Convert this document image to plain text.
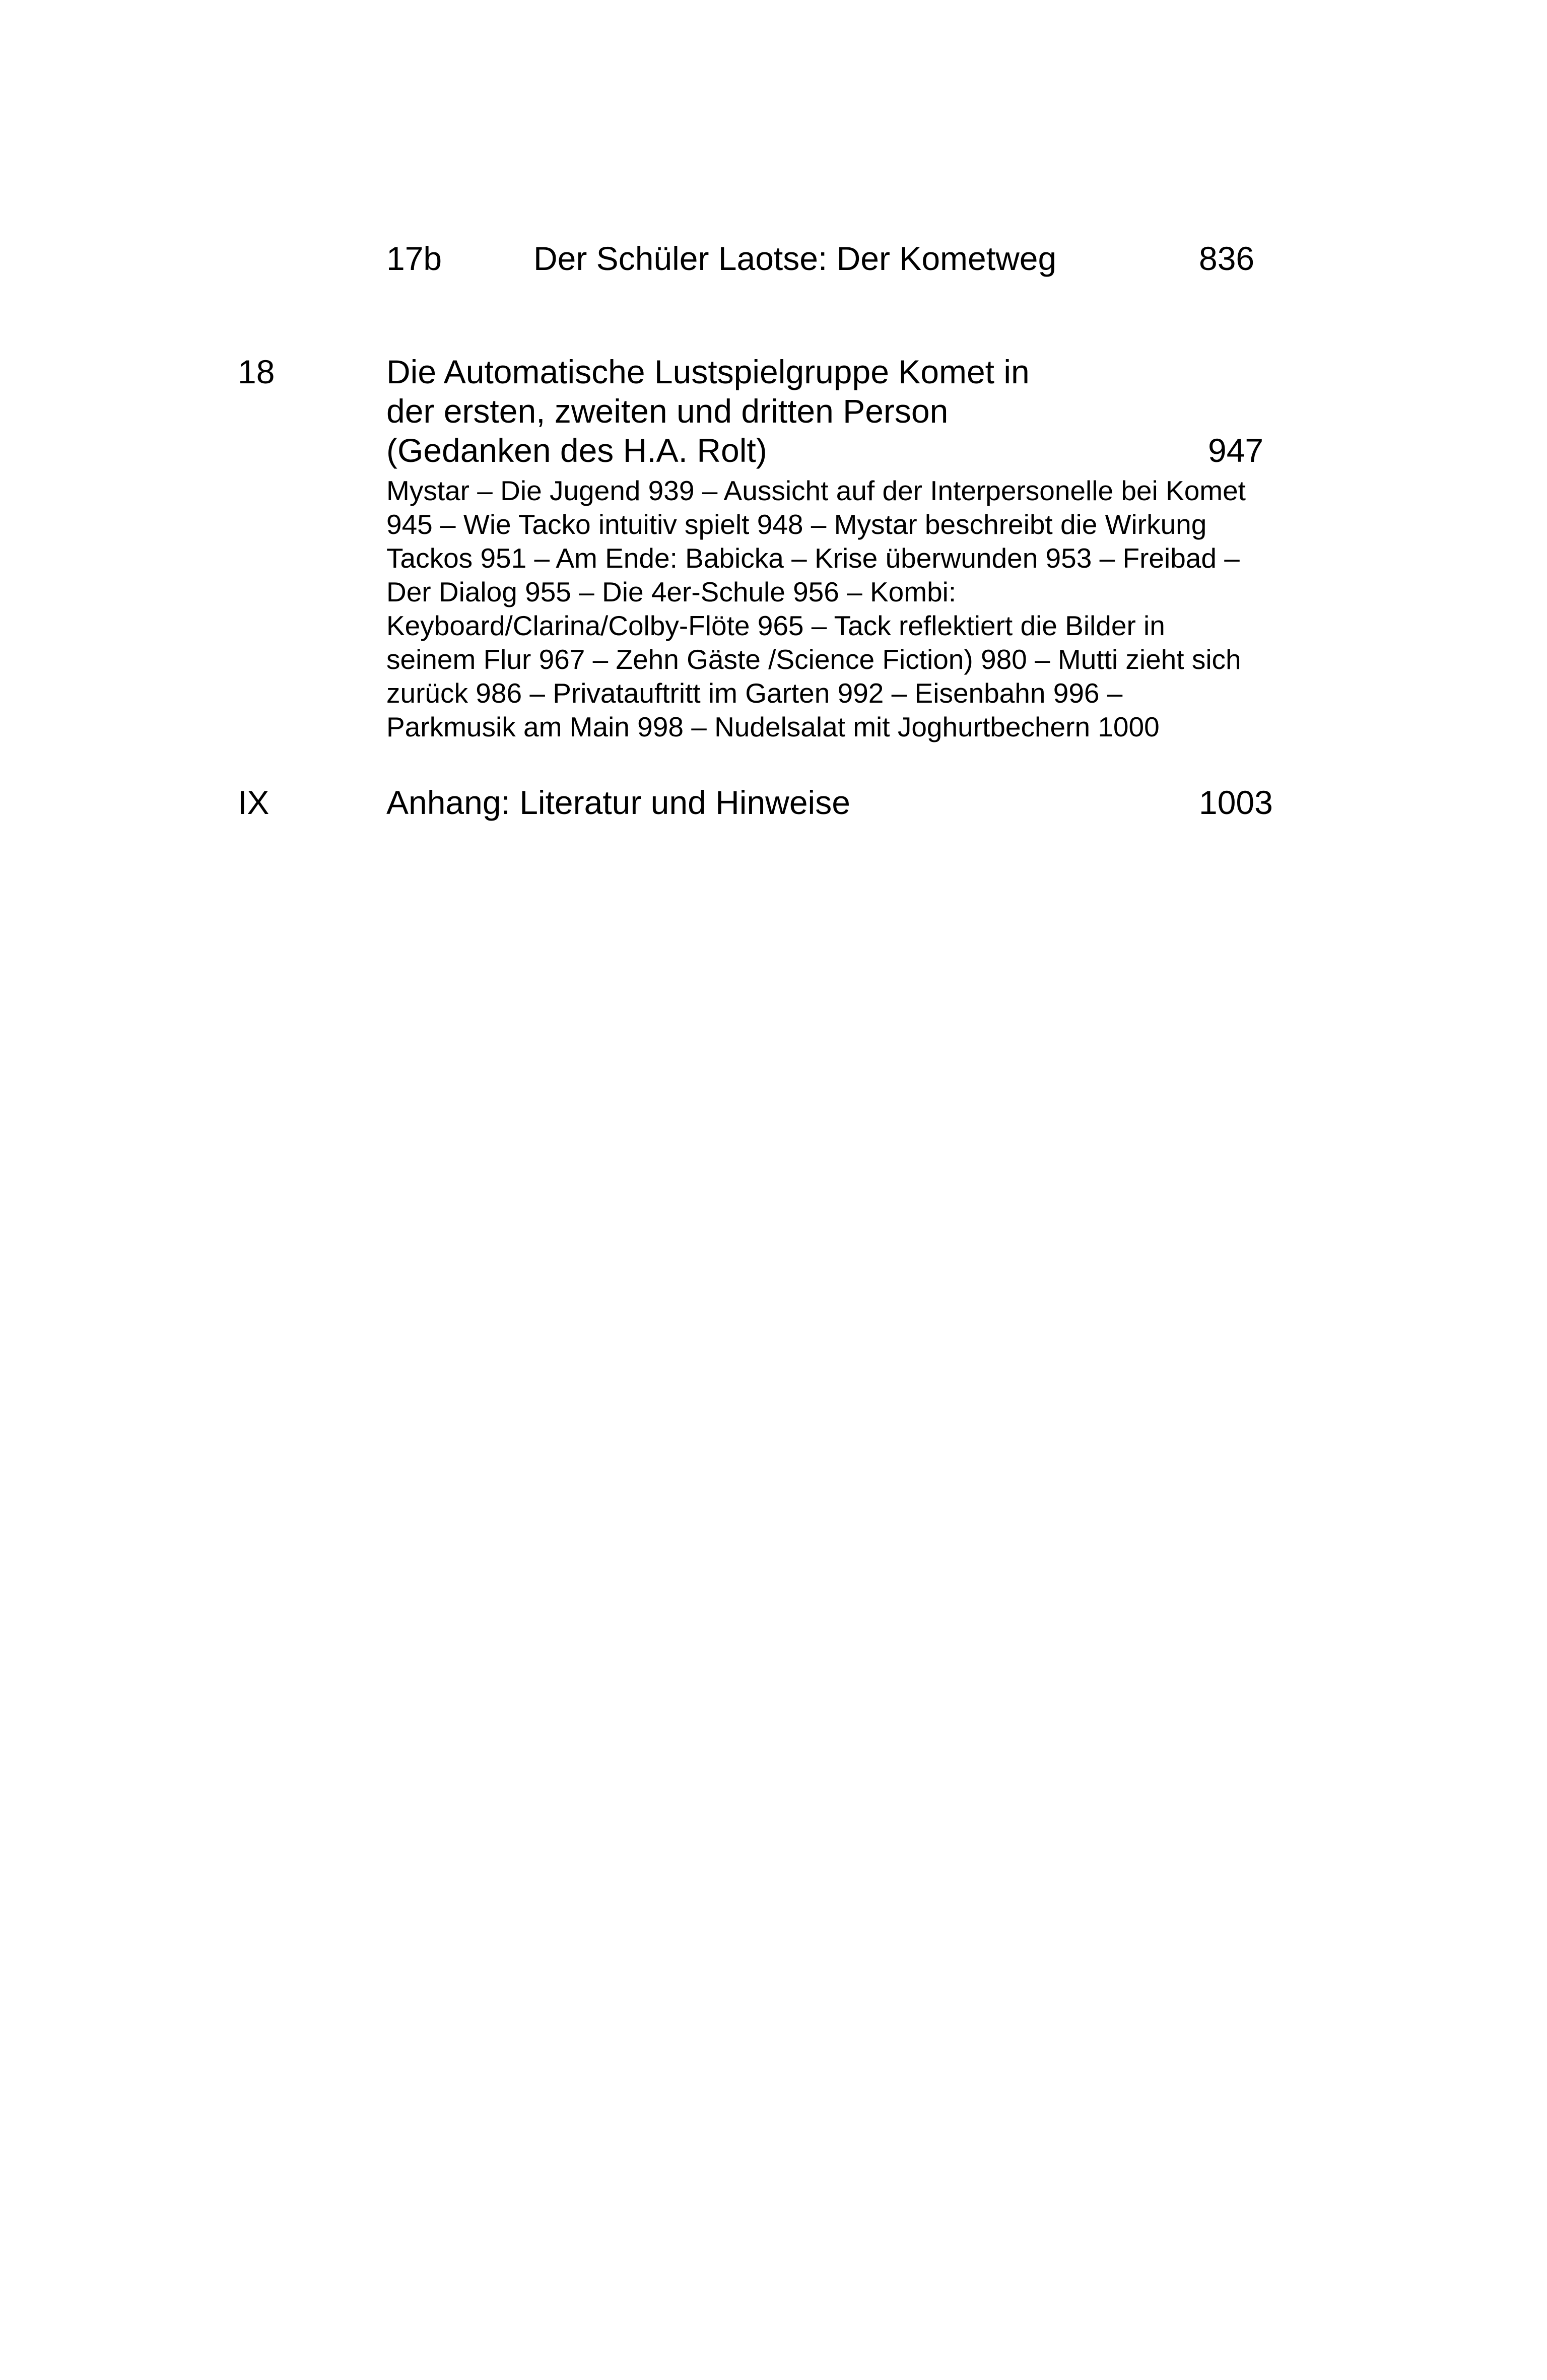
17b	Der Schüler Laotse: Der Kometweg	836
18	Die Automatische Lustspielgruppe Komet in
der ersten, zweiten und dritten Person
(Gedanken des H.A. Rolt)	947
Mystar – Die Jugend 939 – Aussicht auf der Interpersonelle bei Komet
945 – Wie Tacko intuitiv spielt 948 – Mystar beschreibt die Wirkung
Tackos 951 – Am Ende: Babicka – Krise überwunden 953 – Freibad –
Der Dialog 955 – Die 4er-Schule 956 – Kombi:
Keyboard/Clarina/Colby-Flöte 965 – Tack reflektiert die Bilder in
seinem Flur 967 – Zehn Gäste /Science Fiction) 980 – Mutti zieht sich
zurück 986 – Privatauftritt im Garten 992 – Eisenbahn 996 –
Parkmusik am Main 998 – Nudelsalat mit Joghurtbechern 1000
IX	Anhang: Literatur und Hinweise	1003
